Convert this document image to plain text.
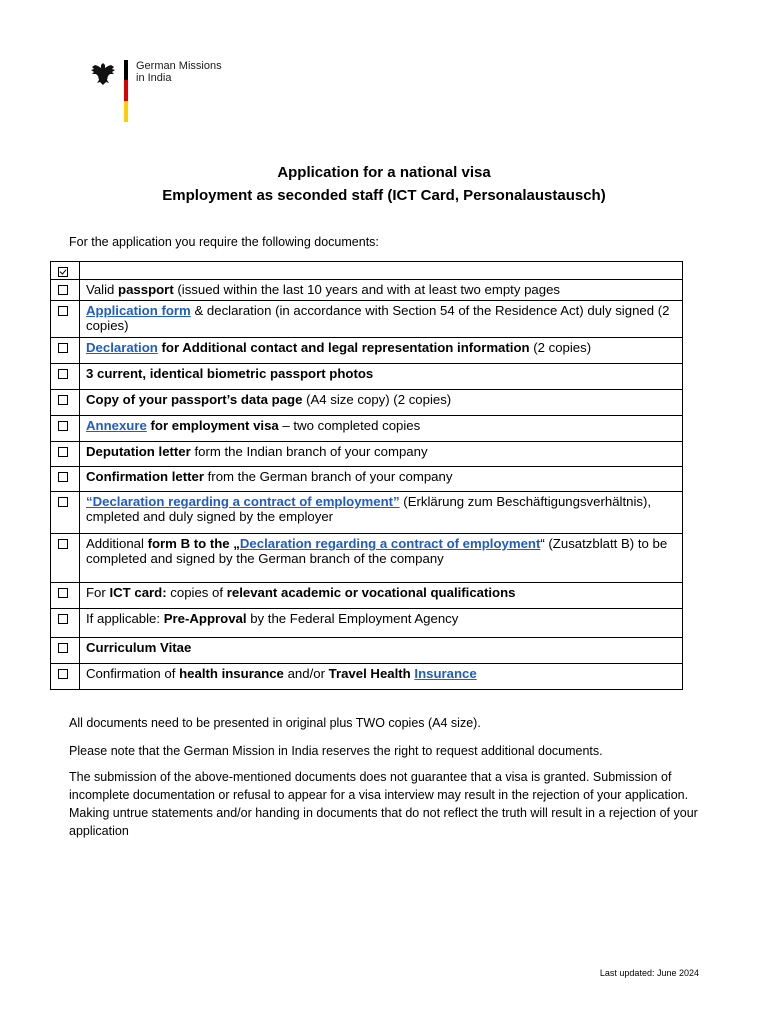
German Missions
in India
Application for a national visa
Employment as seconded staff (ICT Card, Personalaustausch)
For the application you require the following documents:

	Valid passport (issued within the last 10 years and with at least two empty pages
	Application form & declaration (in accordance with Section 54 of the Residence Act) duly signed (2 copies)
	Declaration for Additional contact and legal representation information (2 copies)
	3 current, identical biometric passport photos
	Copy of your passport’s data page (A4 size copy) (2 copies)
	Annexure for employment visa – two completed copies
	Deputation letter form the Indian branch of your company
	Confirmation letter from the German branch of your company
	“Declaration regarding a contract of employment” (Erklärung zum Beschäftigungsverhältnis), cmpleted and duly signed by the employer
	Additional form B to the „Declaration regarding a contract of employment“ (Zusatzblatt B) to be completed and signed by the German branch of the company
	For ICT card: copies of relevant academic or vocational qualifications
	If applicable: Pre-Approval by the Federal Employment Agency
	Curriculum Vitae
	Confirmation of health insurance and/or Travel Health Insurance
All documents need to be presented in original plus TWO copies (A4 size).
Please note that the German Mission in India reserves the right to request additional documents.
The submission of the above-mentioned documents does not guarantee that a visa is granted. Submission of incomplete documentation or refusal to appear for a visa interview may result in the rejection of your application. Making untrue statements and/or handing in documents that do not reflect the truth will result in a rejection of your application
Last updated: June 2024
